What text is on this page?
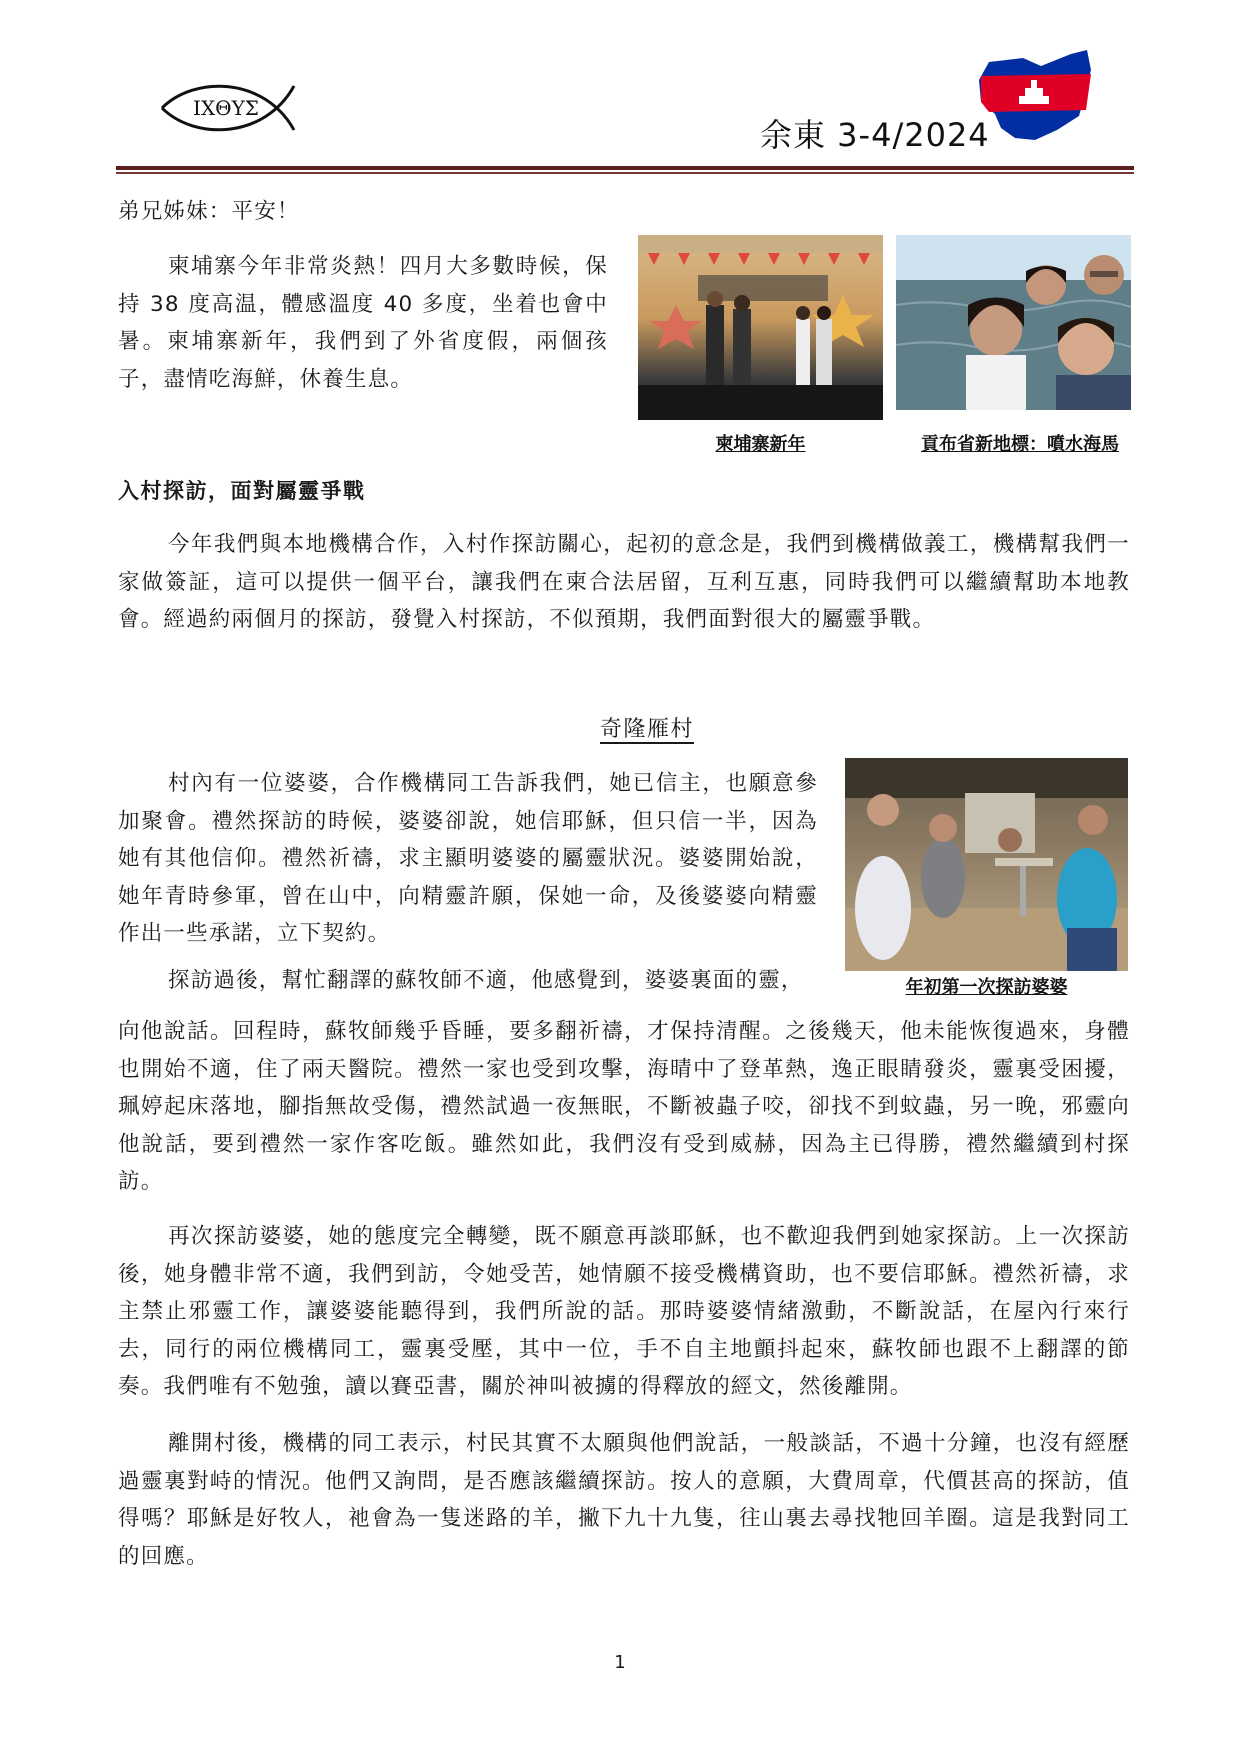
ΙΧΘΥΣ
余東 3-4/2024
弟兄姊妹：平安！
柬埔寨今年非常炎熱！四月大多數時候，保持 38 度高温，體感溫度 40 多度，坐着也會中暑。柬埔寨新年，我們到了外省度假，兩個孩子，盡情吃海鮮，休養生息。
柬埔寨新年	貢布省新地標：噴水海馬
入村探訪，面對屬靈爭戰
今年我們與本地機構合作，入村作探訪關心，起初的意念是，我們到機構做義工，機構幫我們一家做簽証，這可以提供一個平台，讓我們在柬合法居留，互利互惠，同時我們可以繼續幫助本地教會。經過約兩個月的探訪，發覺入村探訪，不似預期，我們面對很大的屬靈爭戰。
奇隆雁村

村內有一位婆婆，合作機構同工告訴我們，她已信主，也願意參加聚會。禮然探訪的時候，婆婆卻說，她信耶穌，但只信一半，因為她有其他信仰。禮然祈禱，求主顯明婆婆的屬靈狀況。婆婆開始說，她年青時參軍，曾在山中，向精靈許願，保她一命，及後婆婆向精靈作出一些承諾，立下契約。

探訪過後，幫忙翻譯的蘇牧師不適，他感覺到，婆婆裏面的靈，	年初第一次探訪婆婆
向他說話。回程時，蘇牧師幾乎昏睡，要多翻祈禱，才保持清醒。之後幾天，他未能恢復過來，身體也開始不適，住了兩天醫院。禮然一家也受到攻擊，海晴中了登革熱，逸正眼睛發炎，靈裏受困擾，珮婷起床落地，腳指無故受傷，禮然試過一夜無眠，不斷被蟲子咬，卻找不到蚊蟲，另一晚，邪靈向他說話，要到禮然一家作客吃飯。雖然如此，我們沒有受到威赫，因為主已得勝，禮然繼續到村探訪。
再次探訪婆婆，她的態度完全轉變，既不願意再談耶穌，也不歡迎我們到她家探訪。上一次探訪後，她身體非常不適，我們到訪，令她受苦，她情願不接受機構資助，也不要信耶穌。禮然祈禱，求主禁止邪靈工作，讓婆婆能聽得到，我們所說的話。那時婆婆情緒激動，不斷說話，在屋內行來行去，同行的兩位機構同工，靈裏受壓，其中一位，手不自主地顫抖起來，蘇牧師也跟不上翻譯的節奏。我們唯有不勉強，讀以賽亞書，關於神叫被擄的得釋放的經文，然後離開。
離開村後，機構的同工表示，村民其實不太願與他們說話，一般談話，不過十分鐘，也沒有經歷過靈裏對峙的情況。他們又詢問，是否應該繼續探訪。按人的意願，大費周章，代價甚高的探訪，值得嗎？耶穌是好牧人，祂會為一隻迷路的羊，撇下九十九隻，往山裏去尋找牠回羊圈。這是我對同工的回應。
1
